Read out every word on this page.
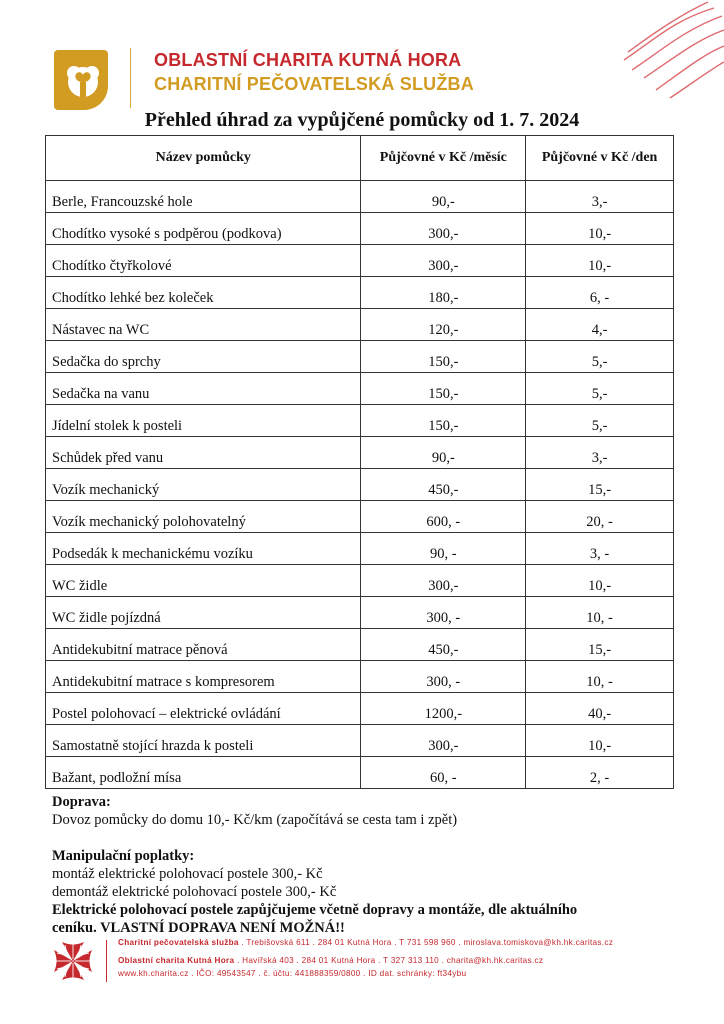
OBLASTNÍ CHARITA KUTNÁ HORA
CHARITNÍ PEČOVATELSKÁ SLUŽBA
Přehled úhrad za vypůjčené pomůcky od 1. 7. 2024
Název pomůcky	Půjčovné v Kč /měsíc	Půjčovné v Kč /den
Berle, Francouzské hole	90,-	3,-
Chodítko vysoké s podpěrou (podkova)	300,-	10,-
Chodítko čtyřkolové	300,-	10,-
Chodítko lehké bez koleček	180,-	6, -
Nástavec na WC	120,-	4,-
Sedačka do sprchy	150,-	5,-
Sedačka na vanu	150,-	5,-
Jídelní stolek k posteli	150,-	5,-
Schůdek před vanu	90,-	3,-
Vozík mechanický	450,-	15,-
Vozík mechanický polohovatelný	600, -	20, -
Podsedák k mechanickému vozíku	90, -	3, -
WC židle	300,-	10,-
WC židle pojízdná	300, -	10, -
Antidekubitní matrace pěnová	450,-	15,-
Antidekubitní matrace s kompresorem	300, -	10, -
Postel polohovací – elektrické ovládání	1200,-	40,-
Samostatně stojící hrazda k posteli	300,-	10,-
Bažant, podložní mísa	60, -	2, -
Doprava:
Dovoz pomůcky do domu 10,- Kč/km (započítává se cesta tam i zpět)
Manipulační poplatky:
montáž elektrické polohovací postele 300,- Kč
demontáž elektrické polohovací postele 300,- Kč
Elektrické polohovací postele zapůjčujeme včetně dopravy a montáže, dle aktuálního
ceníku. VLASTNÍ DOPRAVA NENÍ MOŽNÁ!!
Charitní pečovatelská služba . Trebišovská 611 . 284 01 Kutná Hora . T 731 598 960 . miroslava.tomiskova@kh.hk.caritas.cz
Oblastní charita Kutná Hora . Havířská 403 . 284 01 Kutná Hora . T 327 313 110 . charita@kh.hk.caritas.cz
www.kh.charita.cz . IČO: 49543547 . č. účtu: 441888359/0800 . ID dat. schránky: ft34ybu
